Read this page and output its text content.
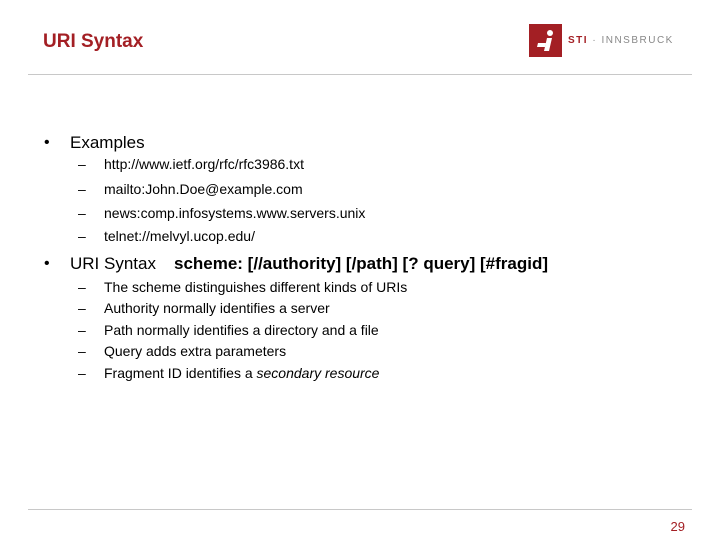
URI Syntax	STI · INNSBRUCK
• Examples
– http://www.ietf.org/rfc/rfc3986.txt
– mailto:John.Doe@example.com
– news:comp.infosystems.www.servers.unix
– telnet://melvyl.ucop.edu/
• URI Syntax scheme: [//authority] [/path] [? query] [#fragid]
– The scheme distinguishes different kinds of URIs
– Authority normally identifies a server
– Path normally identifies a directory and a file
– Query adds extra parameters
– Fragment ID identifies a secondary resource
29
